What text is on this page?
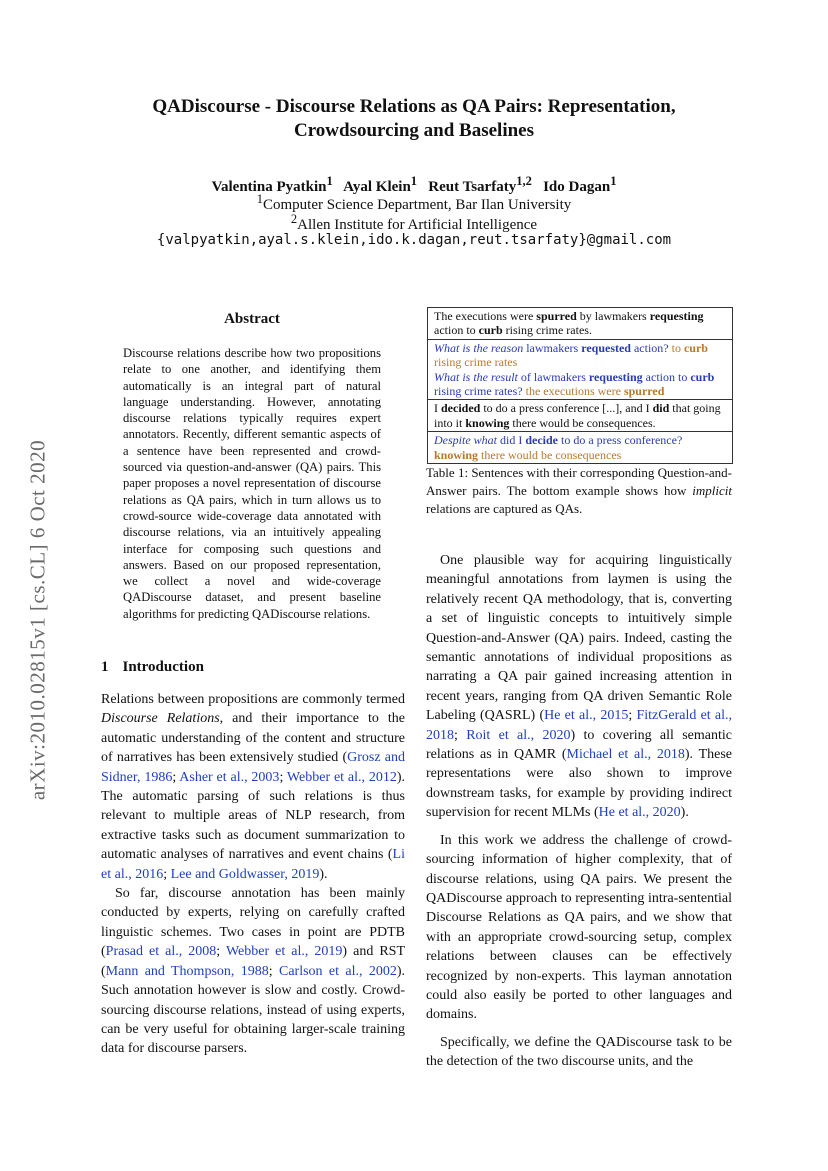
arXiv:2010.02815v1 [cs.CL] 6 Oct 2020
QADiscourse - Discourse Relations as QA Pairs: Representation,
Crowdsourcing and Baselines
Valentina Pyatkin$^1$ Ayal Klein$^1$ Reut Tsarfaty$^{1,2}$ Ido Dagan$^1$
$^1$Computer Science Department, Bar Ilan University
$^2$Allen Institute for Artificial Intelligence
{valpyatkin,ayal.s.klein,ido.k.dagan,reut.tsarfaty}@gmail.com
Abstract
Discourse relations describe how two propositions relate to one another, and identifying them automatically is an integral part of natural language understanding. However, annotating discourse relations typically requires expert annotators. Recently, different semantic aspects of a sentence have been represented and crowd-sourced via question-and-answer (QA) pairs. This paper proposes a novel representation of discourse relations as QA pairs, which in turn allows us to crowd-source wide-coverage data annotated with discourse relations, via an intuitively appealing interface for composing such questions and answers. Based on our proposed representation, we collect a novel and wide-coverage QADiscourse dataset, and present baseline algorithms for predicting QADiscourse relations.
1 Introduction

Relations between propositions are commonly termed Discourse Relations, and their importance to the automatic understanding of the content and structure of narratives has been extensively studied (Grosz and Sidner, 1986; Asher et al., 2003; Webber et al., 2012). The automatic parsing of such relations is thus relevant to multiple areas of NLP research, from extractive tasks such as document summarization to automatic analyses of narratives and event chains (Li et al., 2016; Lee and Goldwasser, 2019).

So far, discourse annotation has been mainly conducted by experts, relying on carefully crafted linguistic schemes. Two cases in point are PDTB (Prasad et al., 2008; Webber et al., 2019) and RST (Mann and Thompson, 1988; Carlson et al., 2002). Such annotation however is slow and costly. Crowd-sourcing discourse relations, instead of using experts, can be very useful for obtaining larger-scale training data for discourse parsers.

The executions were spurred by lawmakers requesting action to curb rising crime rates.
What is the reason lawmakers requested action? to curb rising crime rates
What is the result of lawmakers requesting action to curb rising crime rates? the executions were spurred
I decided to do a press conference [...], and I did that going into it knowing there would be consequences.
Despite what did I decide to do a press conference? knowing there would be consequences
Table 1: Sentences with their corresponding Question-and-Answer pairs. The bottom example shows how implicit relations are captured as QAs.

One plausible way for acquiring linguistically meaningful annotations from laymen is using the relatively recent QA methodology, that is, converting a set of linguistic concepts to intuitively simple Question-and-Answer (QA) pairs. Indeed, casting the semantic annotations of individual propositions as narrating a QA pair gained increasing attention in recent years, ranging from QA driven Semantic Role Labeling (QASRL) (He et al., 2015; FitzGerald et al., 2018; Roit et al., 2020) to covering all semantic relations as in QAMR (Michael et al., 2018). These representations were also shown to improve downstream tasks, for example by providing indirect supervision for recent MLMs (He et al., 2020).

In this work we address the challenge of crowd-sourcing information of higher complexity, that of discourse relations, using QA pairs. We present the QADiscourse approach to representing intra-sentential Discourse Relations as QA pairs, and we show that with an appropriate crowd-sourcing setup, complex relations between clauses can be effectively recognized by non-experts. This layman annotation could also easily be ported to other languages and domains.

Specifically, we define the QADiscourse task to be the detection of the two discourse units, and the
